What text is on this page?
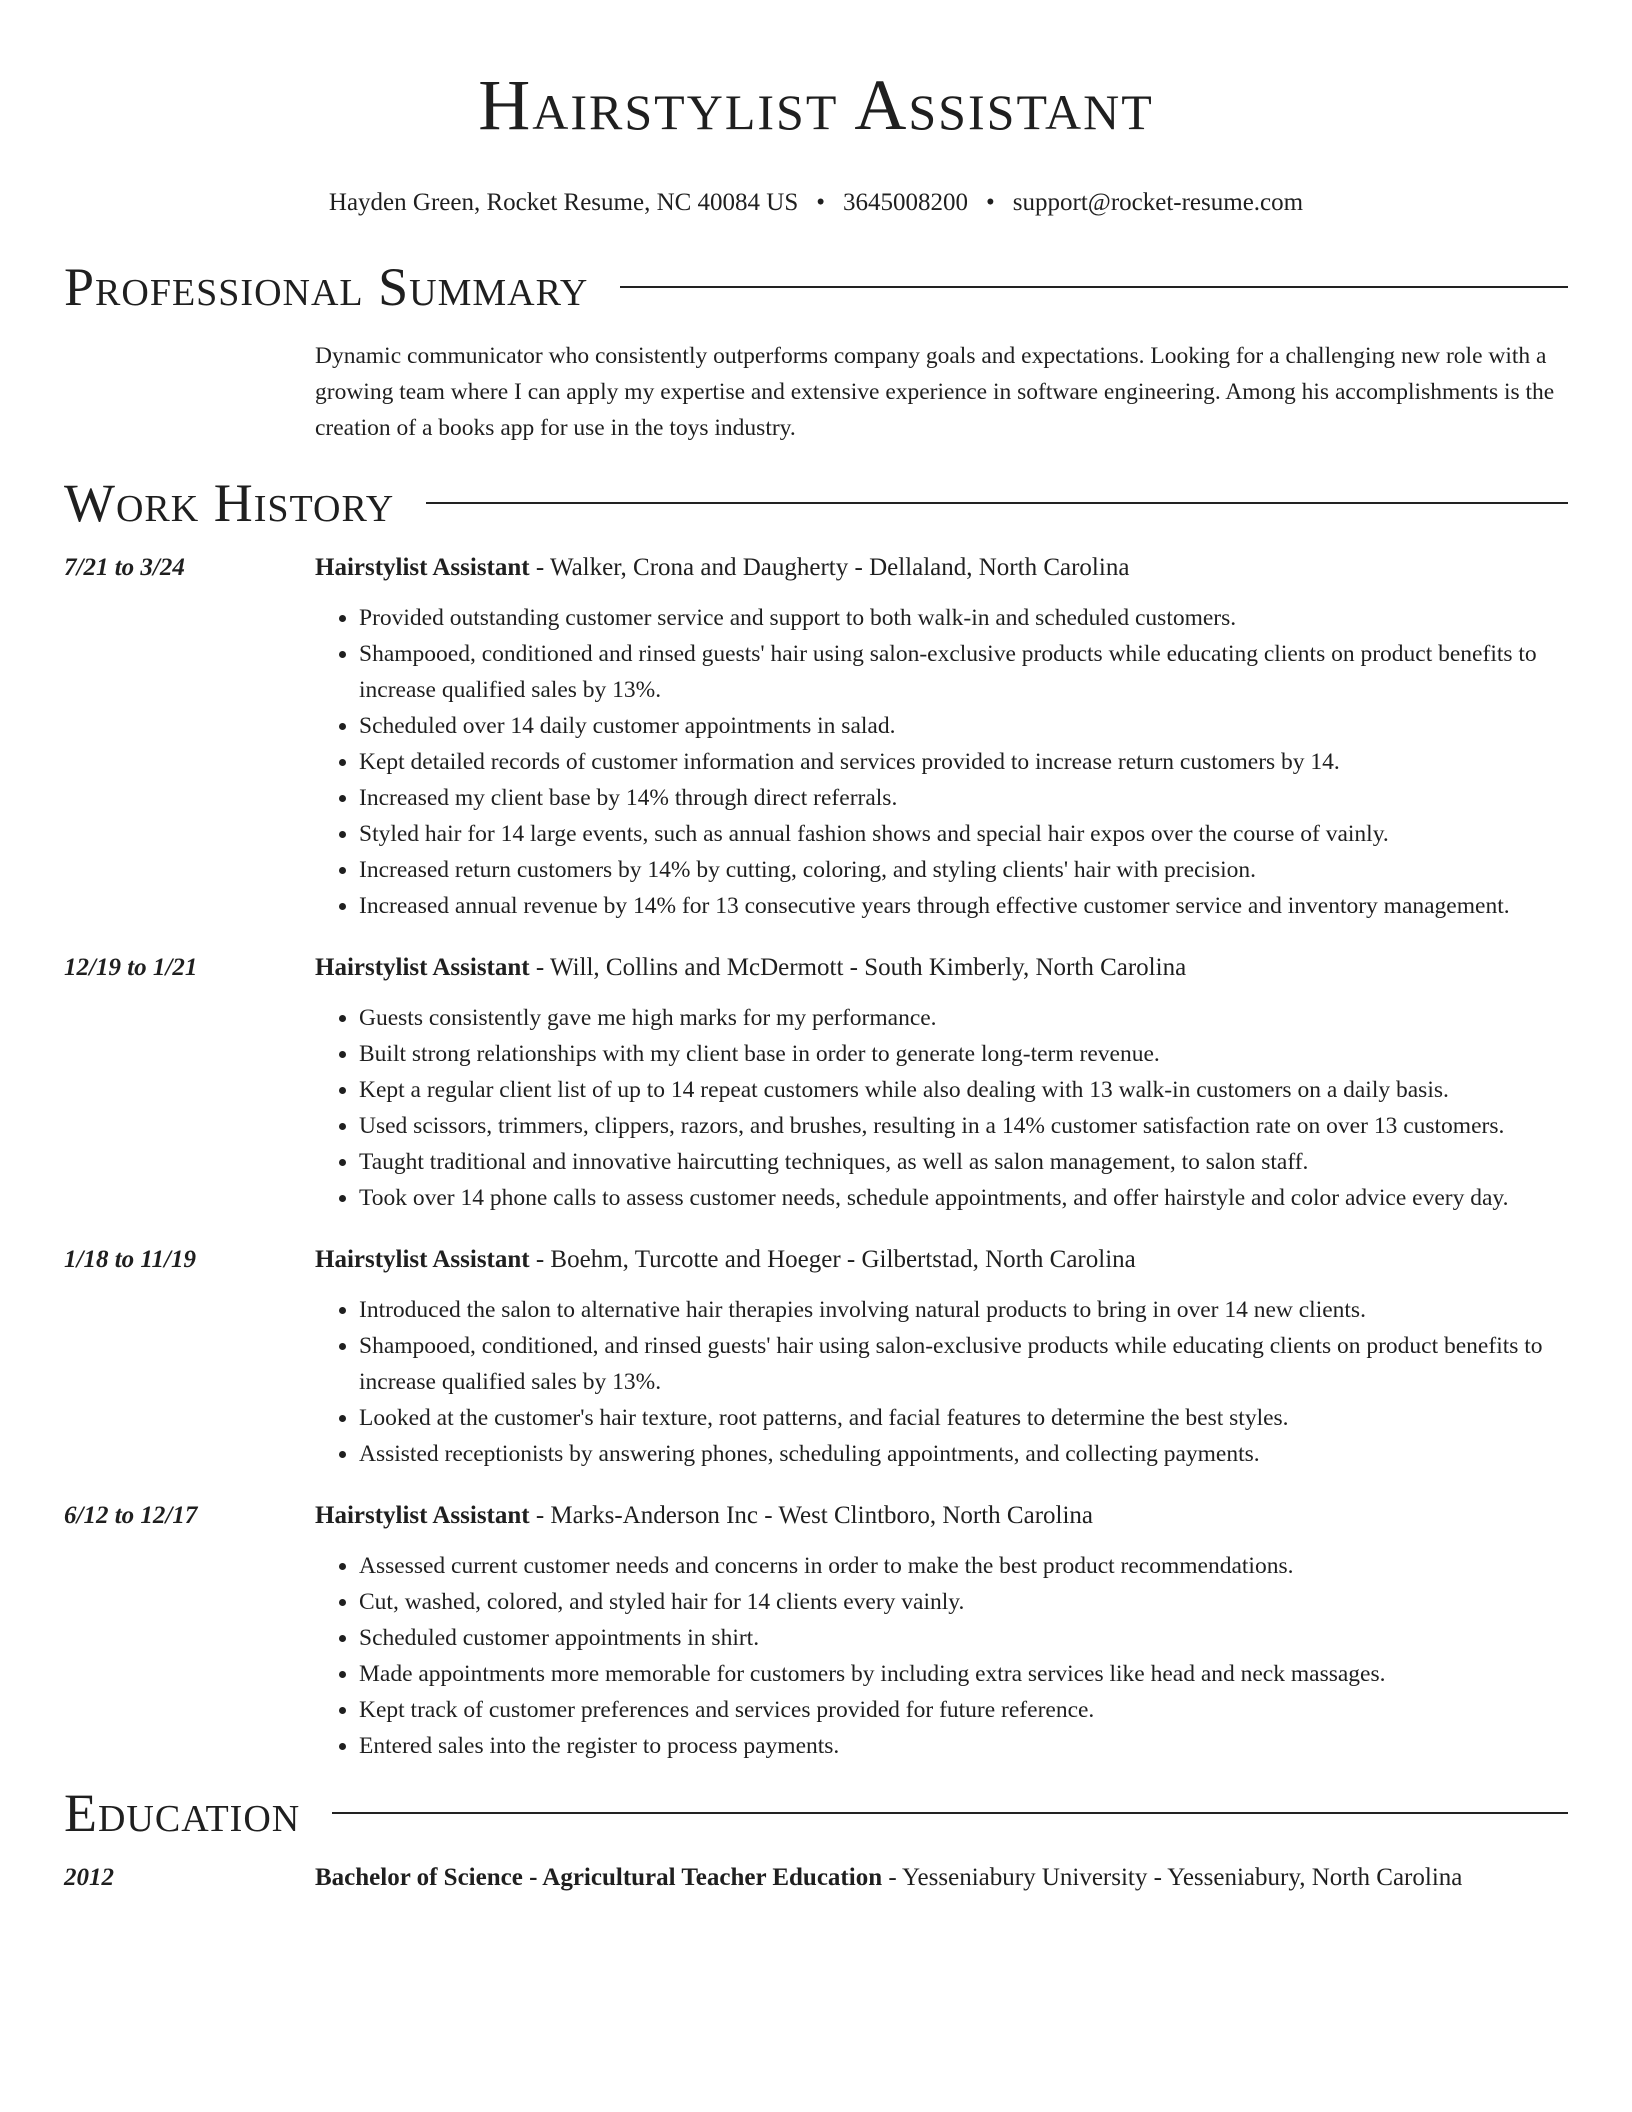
Hairstylist Assistant
Hayden Green, Rocket Resume, NC 40084 US • 3645008200 • support@rocket-resume.com
Professional Summary
Dynamic communicator who consistently outperforms company goals and expectations. Looking for a challenging new role with a growing team where I can apply my expertise and extensive experience in software engineering. Among his accomplishments is the creation of a books app for use in the toys industry.
Work History
7/21 to 3/24	Hairstylist Assistant - Walker, Crona and Daugherty - Dellaland, North Carolina
• Provided outstanding customer service and support to both walk-in and scheduled customers.
• Shampooed, conditioned and rinsed guests' hair using salon-exclusive products while educating clients on product benefits to increase qualified sales by 13%.
• Scheduled over 14 daily customer appointments in salad.
• Kept detailed records of customer information and services provided to increase return customers by 14.
• Increased my client base by 14% through direct referrals.
• Styled hair for 14 large events, such as annual fashion shows and special hair expos over the course of vainly.
• Increased return customers by 14% by cutting, coloring, and styling clients' hair with precision.
• Increased annual revenue by 14% for 13 consecutive years through effective customer service and inventory management.
12/19 to 1/21	Hairstylist Assistant - Will, Collins and McDermott - South Kimberly, North Carolina
• Guests consistently gave me high marks for my performance.
• Built strong relationships with my client base in order to generate long-term revenue.
• Kept a regular client list of up to 14 repeat customers while also dealing with 13 walk-in customers on a daily basis.
• Used scissors, trimmers, clippers, razors, and brushes, resulting in a 14% customer satisfaction rate on over 13 customers.
• Taught traditional and innovative haircutting techniques, as well as salon management, to salon staff.
• Took over 14 phone calls to assess customer needs, schedule appointments, and offer hairstyle and color advice every day.
1/18 to 11/19	Hairstylist Assistant - Boehm, Turcotte and Hoeger - Gilbertstad, North Carolina
• Introduced the salon to alternative hair therapies involving natural products to bring in over 14 new clients.
• Shampooed, conditioned, and rinsed guests' hair using salon-exclusive products while educating clients on product benefits to increase qualified sales by 13%.
• Looked at the customer's hair texture, root patterns, and facial features to determine the best styles.
• Assisted receptionists by answering phones, scheduling appointments, and collecting payments.
6/12 to 12/17	Hairstylist Assistant - Marks-Anderson Inc - West Clintboro, North Carolina
• Assessed current customer needs and concerns in order to make the best product recommendations.
• Cut, washed, colored, and styled hair for 14 clients every vainly.
• Scheduled customer appointments in shirt.
• Made appointments more memorable for customers by including extra services like head and neck massages.
• Kept track of customer preferences and services provided for future reference.
• Entered sales into the register to process payments.
Education
2012	Bachelor of Science - Agricultural Teacher Education - Yesseniabury University - Yesseniabury, North Carolina
